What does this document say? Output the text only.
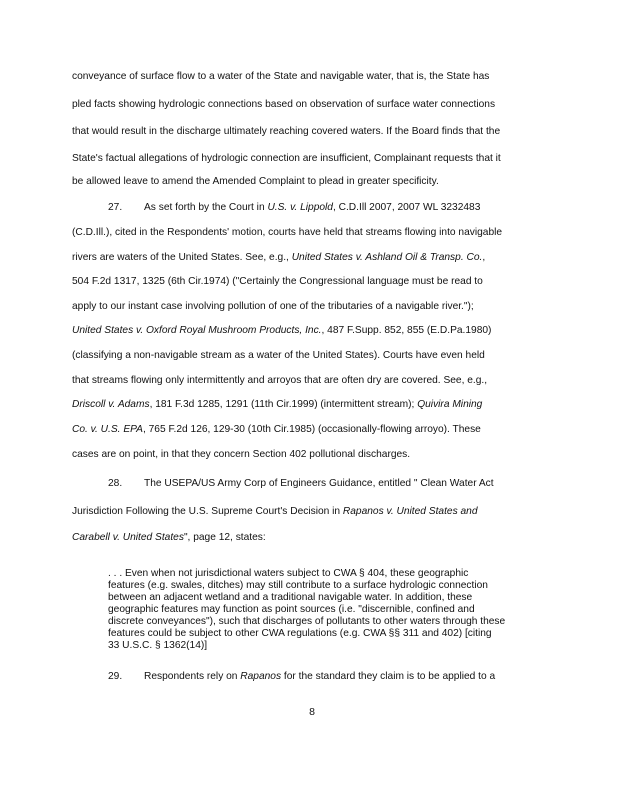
conveyance of surface flow to a water of the State and navigable water, that is, the State has
pled facts showing hydrologic connections based on observation of surface water connections
that would result in the discharge ultimately reaching covered waters. If the Board finds that the
State's factual allegations of hydrologic connection are insufficient, Complainant requests that it
be allowed leave to amend the Amended Complaint to plead in greater specificity.
27. As set forth by the Court in U.S. v. Lippold, C.D.Ill 2007, 2007 WL 3232483
(C.D.Ill.), cited in the Respondents' motion, courts have held that streams flowing into navigable
rivers are waters of the United States. See, e.g., United States v. Ashland Oil & Transp. Co.,
504 F.2d 1317, 1325 (6th Cir.1974) ("Certainly the Congressional language must be read to
apply to our instant case involving pollution of one of the tributaries of a navigable river.");
United States v. Oxford Royal Mushroom Products, Inc., 487 F.Supp. 852, 855 (E.D.Pa.1980)
(classifying a non-navigable stream as a water of the United States). Courts have even held
that streams flowing only intermittently and arroyos that are often dry are covered. See, e.g.,
Driscoll v. Adams, 181 F.3d 1285, 1291 (11th Cir.1999) (intermittent stream); Quivira Mining
Co. v. U.S. EPA, 765 F.2d 126, 129-30 (10th Cir.1985) (occasionally-flowing arroyo). These
cases are on point, in that they concern Section 402 pollutional discharges.
28. The USEPA/US Army Corp of Engineers Guidance, entitled " Clean Water Act
Jurisdiction Following the U.S. Supreme Court's Decision in Rapanos v. United States and
Carabell v. United States", page 12, states:
. . . Even when not jurisdictional waters subject to CWA § 404, these geographic
features (e.g. swales, ditches) may still contribute to a surface hydrologic connection
between an adjacent wetland and a traditional navigable water. In addition, these
geographic features may function as point sources (i.e. "discernible, confined and
discrete conveyances"), such that discharges of pollutants to other waters through these
features could be subject to other CWA regulations (e.g. CWA §§ 311 and 402) [citing
33 U.S.C. § 1362(14)]
29. Respondents rely on Rapanos for the standard they claim is to be applied to a
8
